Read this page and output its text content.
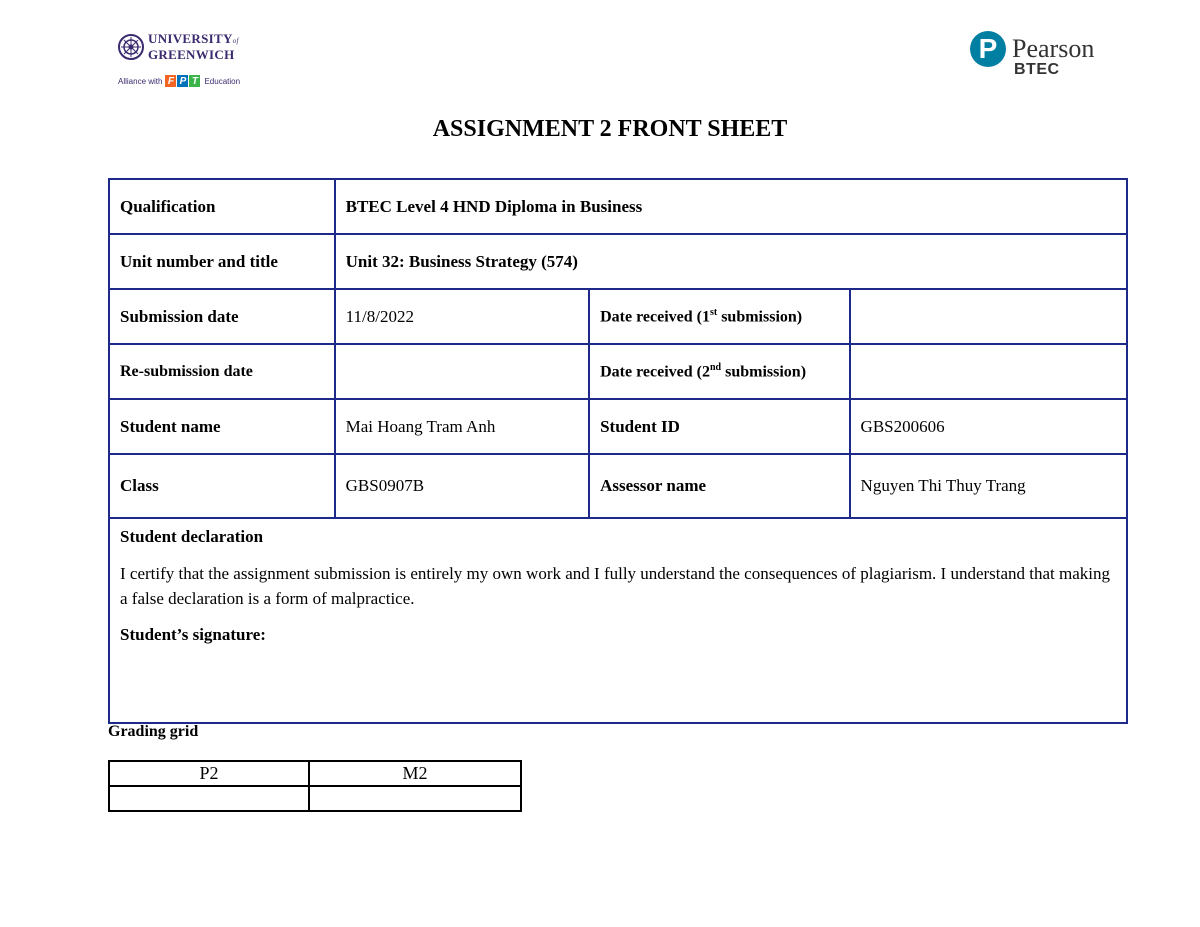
UNIVERSITYof
GREENWICH
Alliance with F P T Education
P Pearson
BTEC
ASSIGNMENT 2 FRONT SHEET
Qualification	BTEC Level 4 HND Diploma in Business		
Unit number and title	Unit 32: Business Strategy (574)		
Submission date	11/8/2022	Date received (1st submission)	
Re-submission date		Date received (2nd submission)	
Student name	Mai Hoang Tram Anh	Student ID	GBS200606
Class	GBS0907B	Assessor name	Nguyen Thi Thuy Trang

Student declaration
I certify that the assignment submission is entirely my own work and I fully understand the consequences of plagiarism. I understand that making a false declaration is a form of malpractice.
Student’s signature:			
Grading grid
P2	M2
